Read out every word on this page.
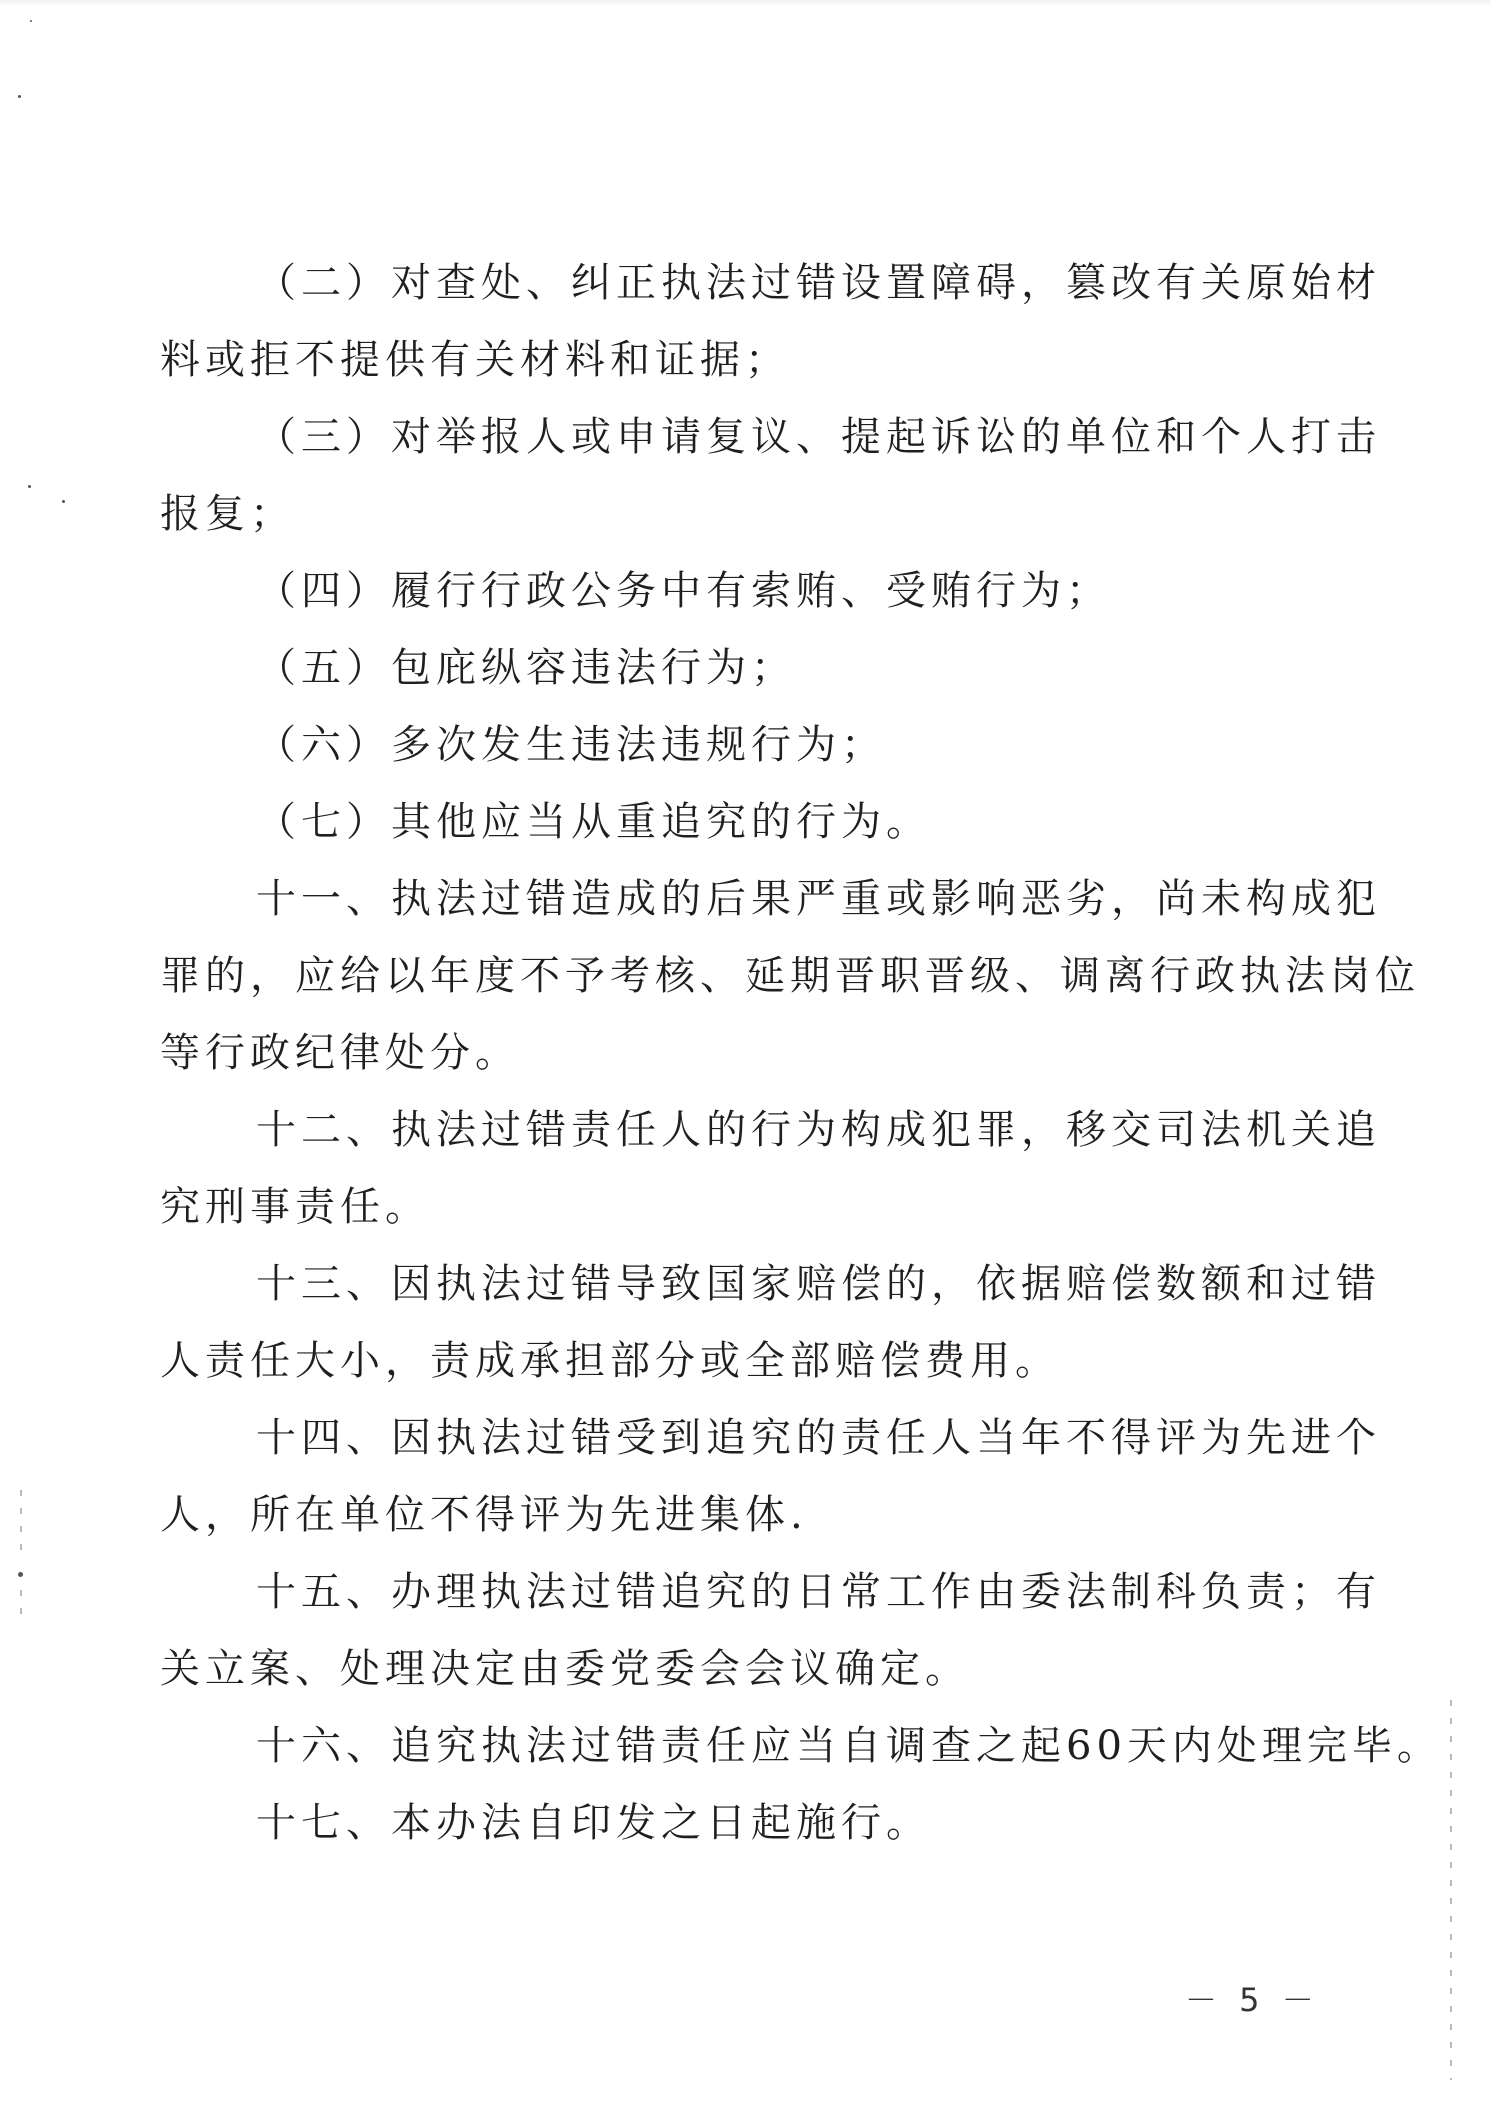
（二）对查处、纠正执法过错设置障碍，篡改有关原始材
料或拒不提供有关材料和证据；
（三）对举报人或申请复议、提起诉讼的单位和个人打击
报复；
（四）履行行政公务中有索贿、受贿行为；
（五）包庇纵容违法行为；
（六）多次发生违法违规行为；
（七）其他应当从重追究的行为。
十一、执法过错造成的后果严重或影响恶劣，尚未构成犯
罪的，应给以年度不予考核、延期晋职晋级、调离行政执法岗位
等行政纪律处分。
十二、执法过错责任人的行为构成犯罪，移交司法机关追
究刑事责任。
十三、因执法过错导致国家赔偿的，依据赔偿数额和过错
人责任大小，责成承担部分或全部赔偿费用。
十四、因执法过错受到追究的责任人当年不得评为先进个
人，所在单位不得评为先进集体.
十五、办理执法过错追究的日常工作由委法制科负责；有
关立案、处理决定由委党委会会议确定。
十六、追究执法过错责任应当自调查之起60天内处理完毕。
十七、本办法自印发之日起施行。
－ 5 －
